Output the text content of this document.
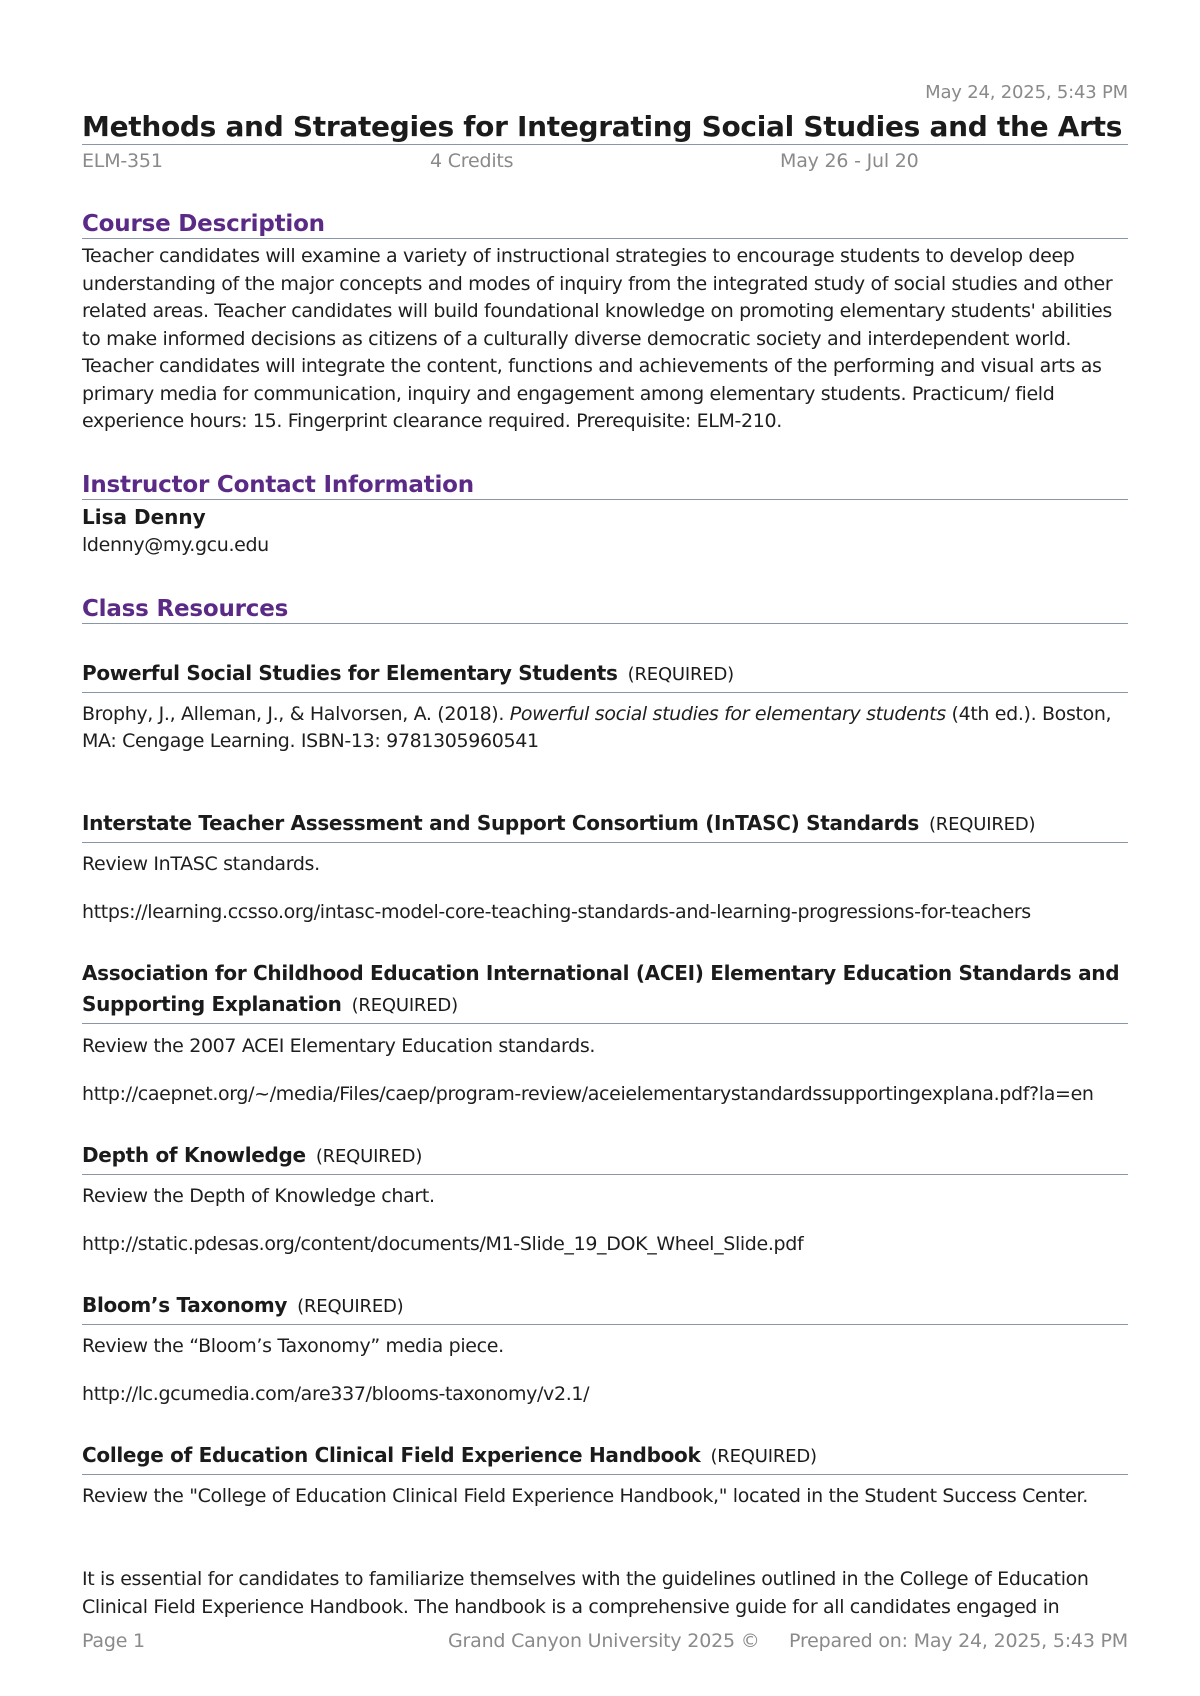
May 24, 2025, 5:43 PM
Methods and Strategies for Integrating Social Studies and the Arts
ELM-351	4 Credits	May 26 - Jul 20
Course Description
Teacher candidates will examine a variety of instructional strategies to encourage students to develop deep understanding of the major concepts and modes of inquiry from the integrated study of social studies and other related areas. Teacher candidates will build foundational knowledge on promoting elementary students' abilities to make informed decisions as citizens of a culturally diverse democratic society and interdependent world. Teacher candidates will integrate the content, functions and achievements of the performing and visual arts as primary media for communication, inquiry and engagement among elementary students. Practicum/ field experience hours: 15. Fingerprint clearance required. Prerequisite: ELM-210.
Instructor Contact Information
Lisa Denny
ldenny@my.gcu.edu
Class Resources
Powerful Social Studies for Elementary Students (REQUIRED)
Brophy, J., Alleman, J., & Halvorsen, A. (2018). Powerful social studies for elementary students (4th ed.). Boston,
MA: Cengage Learning. ISBN-13: 9781305960541
Interstate Teacher Assessment and Support Consortium (InTASC) Standards (REQUIRED)
Review InTASC standards.
https://learning.ccsso.org/intasc-model-core-teaching-standards-and-learning-progressions-for-teachers
Association for Childhood Education International (ACEI) Elementary Education Standards and Supporting Explanation (REQUIRED)
Review the 2007 ACEI Elementary Education standards.
http://caepnet.org/~/media/Files/caep/program-review/aceielementarystandardssupportingexplana.pdf?la=en
Depth of Knowledge (REQUIRED)
Review the Depth of Knowledge chart.
http://static.pdesas.org/content/documents/M1-Slide_19_DOK_Wheel_Slide.pdf
Bloom’s Taxonomy (REQUIRED)
Review the “Bloom’s Taxonomy” media piece.
http://lc.gcumedia.com/are337/blooms-taxonomy/v2.1/
College of Education Clinical Field Experience Handbook (REQUIRED)
Review the "College of Education Clinical Field Experience Handbook," located in the Student Success Center.
It is essential for candidates to familiarize themselves with the guidelines outlined in the College of Education Clinical Field Experience Handbook. The handbook is a comprehensive guide for all candidates engaged in
Page 1	Grand Canyon University 2025 © Prepared on: May 24, 2025, 5:43 PM
